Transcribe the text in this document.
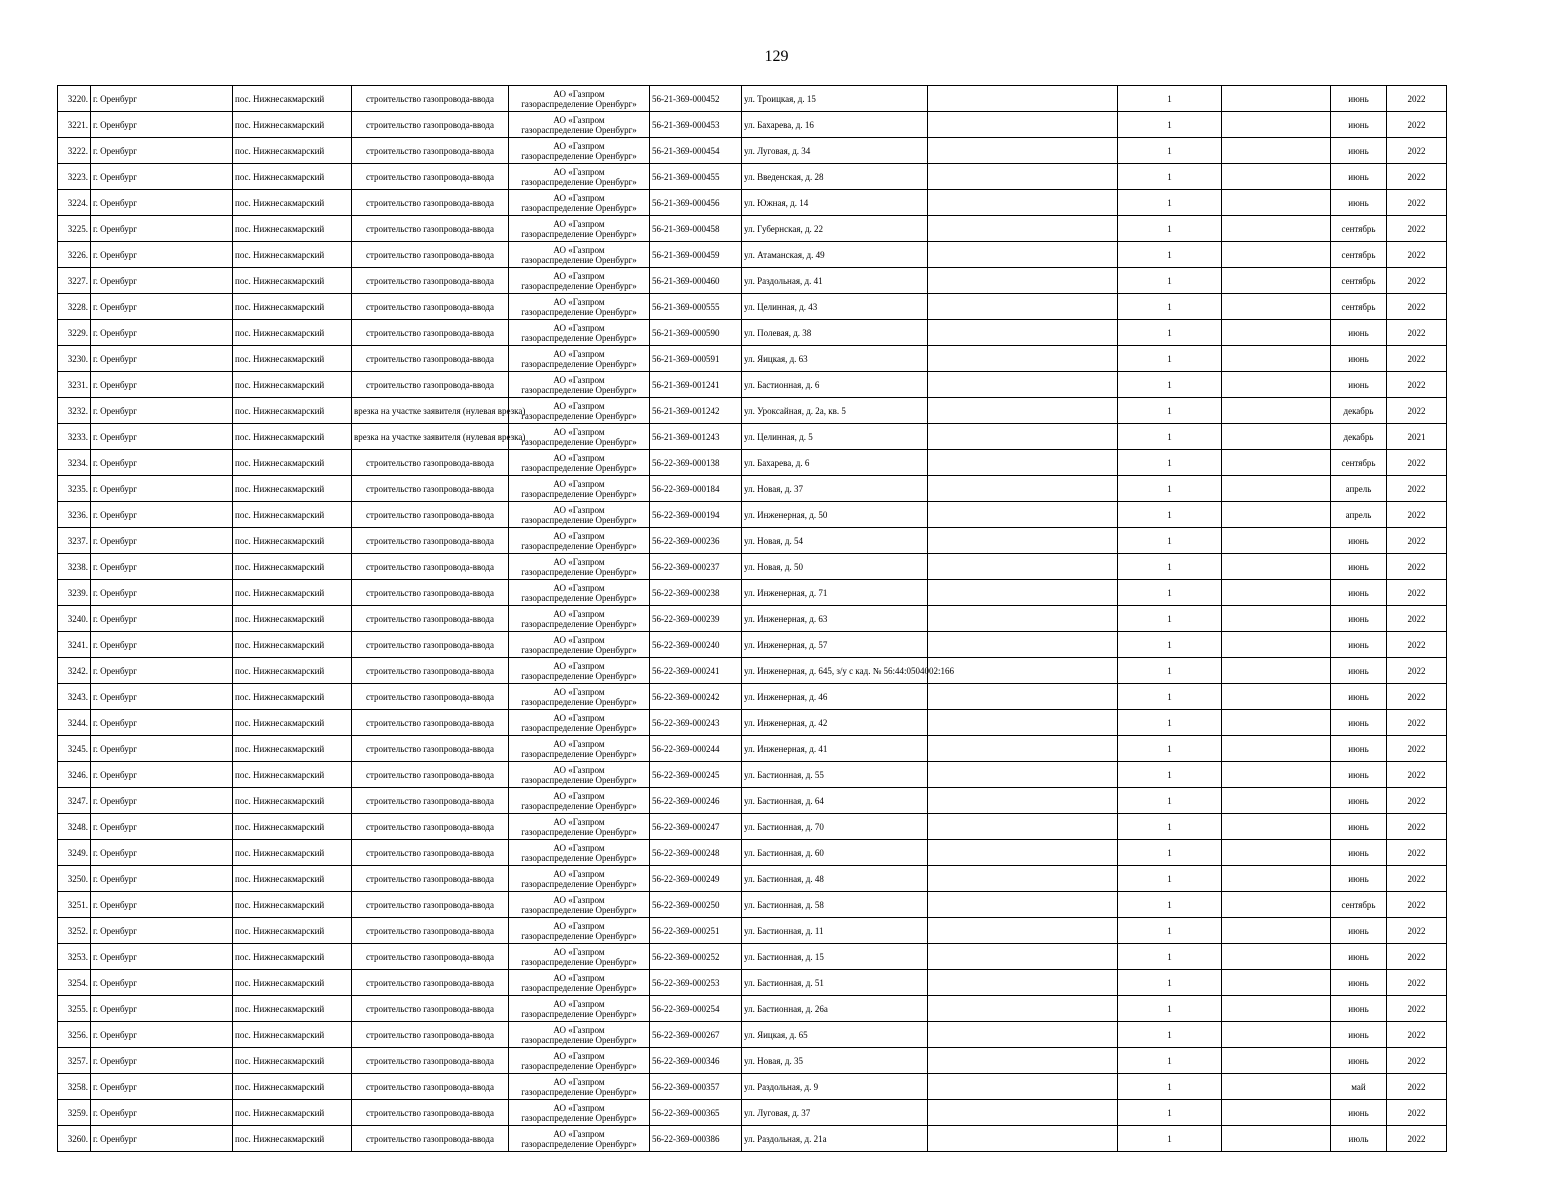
129
3220.	г. Оренбург	пос. Нижнесакмарский	строительство газопровода-ввода	АО «Газпром
газораспределение Оренбург»	56-21-369-000452	ул. Троицкая, д. 15		1		июнь	2022
3221.	г. Оренбург	пос. Нижнесакмарский	строительство газопровода-ввода	АО «Газпром
газораспределение Оренбург»	56-21-369-000453	ул. Бахарева, д. 16		1		июнь	2022
3222.	г. Оренбург	пос. Нижнесакмарский	строительство газопровода-ввода	АО «Газпром
газораспределение Оренбург»	56-21-369-000454	ул. Луговая, д. 34		1		июнь	2022
3223.	г. Оренбург	пос. Нижнесакмарский	строительство газопровода-ввода	АО «Газпром
газораспределение Оренбург»	56-21-369-000455	ул. Введенская, д. 28		1		июнь	2022
3224.	г. Оренбург	пос. Нижнесакмарский	строительство газопровода-ввода	АО «Газпром
газораспределение Оренбург»	56-21-369-000456	ул. Южная, д. 14		1		июнь	2022
3225.	г. Оренбург	пос. Нижнесакмарский	строительство газопровода-ввода	АО «Газпром
газораспределение Оренбург»	56-21-369-000458	ул. Губернская, д. 22		1		сентябрь	2022
3226.	г. Оренбург	пос. Нижнесакмарский	строительство газопровода-ввода	АО «Газпром
газораспределение Оренбург»	56-21-369-000459	ул. Атаманская, д. 49		1		сентябрь	2022
3227.	г. Оренбург	пос. Нижнесакмарский	строительство газопровода-ввода	АО «Газпром
газораспределение Оренбург»	56-21-369-000460	ул. Раздольная, д. 41		1		сентябрь	2022
3228.	г. Оренбург	пос. Нижнесакмарский	строительство газопровода-ввода	АО «Газпром
газораспределение Оренбург»	56-21-369-000555	ул. Целинная, д. 43		1		сентябрь	2022
3229.	г. Оренбург	пос. Нижнесакмарский	строительство газопровода-ввода	АО «Газпром
газораспределение Оренбург»	56-21-369-000590	ул. Полевая, д. 38		1		июнь	2022
3230.	г. Оренбург	пос. Нижнесакмарский	строительство газопровода-ввода	АО «Газпром
газораспределение Оренбург»	56-21-369-000591	ул. Яицкая, д. 63		1		июнь	2022
3231.	г. Оренбург	пос. Нижнесакмарский	строительство газопровода-ввода	АО «Газпром
газораспределение Оренбург»	56-21-369-001241	ул. Бастионная, д. 6		1		июнь	2022
3232.	г. Оренбург	пос. Нижнесакмарский	врезка на участке заявителя (нулевая врезка)	АО «Газпром
газораспределение Оренбург»	56-21-369-001242	ул. Уроксайная, д. 2а, кв. 5		1		декабрь	2022
3233.	г. Оренбург	пос. Нижнесакмарский	врезка на участке заявителя (нулевая врезка)	АО «Газпром
газораспределение Оренбург»	56-21-369-001243	ул. Целинная, д. 5		1		декабрь	2021
3234.	г. Оренбург	пос. Нижнесакмарский	строительство газопровода-ввода	АО «Газпром
газораспределение Оренбург»	56-22-369-000138	ул. Бахарева, д. 6		1		сентябрь	2022
3235.	г. Оренбург	пос. Нижнесакмарский	строительство газопровода-ввода	АО «Газпром
газораспределение Оренбург»	56-22-369-000184	ул. Новая, д. 37		1		апрель	2022
3236.	г. Оренбург	пос. Нижнесакмарский	строительство газопровода-ввода	АО «Газпром
газораспределение Оренбург»	56-22-369-000194	ул. Инженерная, д. 50		1		апрель	2022
3237.	г. Оренбург	пос. Нижнесакмарский	строительство газопровода-ввода	АО «Газпром
газораспределение Оренбург»	56-22-369-000236	ул. Новая, д. 54		1		июнь	2022
3238.	г. Оренбург	пос. Нижнесакмарский	строительство газопровода-ввода	АО «Газпром
газораспределение Оренбург»	56-22-369-000237	ул. Новая, д. 50		1		июнь	2022
3239.	г. Оренбург	пос. Нижнесакмарский	строительство газопровода-ввода	АО «Газпром
газораспределение Оренбург»	56-22-369-000238	ул. Инженерная, д. 71		1		июнь	2022
3240.	г. Оренбург	пос. Нижнесакмарский	строительство газопровода-ввода	АО «Газпром
газораспределение Оренбург»	56-22-369-000239	ул. Инженерная, д. 63		1		июнь	2022
3241.	г. Оренбург	пос. Нижнесакмарский	строительство газопровода-ввода	АО «Газпром
газораспределение Оренбург»	56-22-369-000240	ул. Инженерная, д. 57		1		июнь	2022
3242.	г. Оренбург	пос. Нижнесакмарский	строительство газопровода-ввода	АО «Газпром
газораспределение Оренбург»	56-22-369-000241	ул. Инженерная, д. 645, з/у с кад. № 56:44:0504002:166		1		июнь	2022
3243.	г. Оренбург	пос. Нижнесакмарский	строительство газопровода-ввода	АО «Газпром
газораспределение Оренбург»	56-22-369-000242	ул. Инженерная, д. 46		1		июнь	2022
3244.	г. Оренбург	пос. Нижнесакмарский	строительство газопровода-ввода	АО «Газпром
газораспределение Оренбург»	56-22-369-000243	ул. Инженерная, д. 42		1		июнь	2022
3245.	г. Оренбург	пос. Нижнесакмарский	строительство газопровода-ввода	АО «Газпром
газораспределение Оренбург»	56-22-369-000244	ул. Инженерная, д. 41		1		июнь	2022
3246.	г. Оренбург	пос. Нижнесакмарский	строительство газопровода-ввода	АО «Газпром
газораспределение Оренбург»	56-22-369-000245	ул. Бастионная, д. 55		1		июнь	2022
3247.	г. Оренбург	пос. Нижнесакмарский	строительство газопровода-ввода	АО «Газпром
газораспределение Оренбург»	56-22-369-000246	ул. Бастионная, д. 64		1		июнь	2022
3248.	г. Оренбург	пос. Нижнесакмарский	строительство газопровода-ввода	АО «Газпром
газораспределение Оренбург»	56-22-369-000247	ул. Бастионная, д. 70		1		июнь	2022
3249.	г. Оренбург	пос. Нижнесакмарский	строительство газопровода-ввода	АО «Газпром
газораспределение Оренбург»	56-22-369-000248	ул. Бастионная, д. 60		1		июнь	2022
3250.	г. Оренбург	пос. Нижнесакмарский	строительство газопровода-ввода	АО «Газпром
газораспределение Оренбург»	56-22-369-000249	ул. Бастионная, д. 48		1		июнь	2022
3251.	г. Оренбург	пос. Нижнесакмарский	строительство газопровода-ввода	АО «Газпром
газораспределение Оренбург»	56-22-369-000250	ул. Бастионная, д. 58		1		сентябрь	2022
3252.	г. Оренбург	пос. Нижнесакмарский	строительство газопровода-ввода	АО «Газпром
газораспределение Оренбург»	56-22-369-000251	ул. Бастионная, д. 11		1		июнь	2022
3253.	г. Оренбург	пос. Нижнесакмарский	строительство газопровода-ввода	АО «Газпром
газораспределение Оренбург»	56-22-369-000252	ул. Бастионная, д. 15		1		июнь	2022
3254.	г. Оренбург	пос. Нижнесакмарский	строительство газопровода-ввода	АО «Газпром
газораспределение Оренбург»	56-22-369-000253	ул. Бастионная, д. 51		1		июнь	2022
3255.	г. Оренбург	пос. Нижнесакмарский	строительство газопровода-ввода	АО «Газпром
газораспределение Оренбург»	56-22-369-000254	ул. Бастионная, д. 26а		1		июнь	2022
3256.	г. Оренбург	пос. Нижнесакмарский	строительство газопровода-ввода	АО «Газпром
газораспределение Оренбург»	56-22-369-000267	ул. Яицкая, д. 65		1		июнь	2022
3257.	г. Оренбург	пос. Нижнесакмарский	строительство газопровода-ввода	АО «Газпром
газораспределение Оренбург»	56-22-369-000346	ул. Новая, д. 35		1		июнь	2022
3258.	г. Оренбург	пос. Нижнесакмарский	строительство газопровода-ввода	АО «Газпром
газораспределение Оренбург»	56-22-369-000357	ул. Раздольная, д. 9		1		май	2022
3259.	г. Оренбург	пос. Нижнесакмарский	строительство газопровода-ввода	АО «Газпром
газораспределение Оренбург»	56-22-369-000365	ул. Луговая, д. 37		1		июнь	2022
3260.	г. Оренбург	пос. Нижнесакмарский	строительство газопровода-ввода	АО «Газпром
газораспределение Оренбург»	56-22-369-000386	ул. Раздольная, д. 21а		1		июль	2022
